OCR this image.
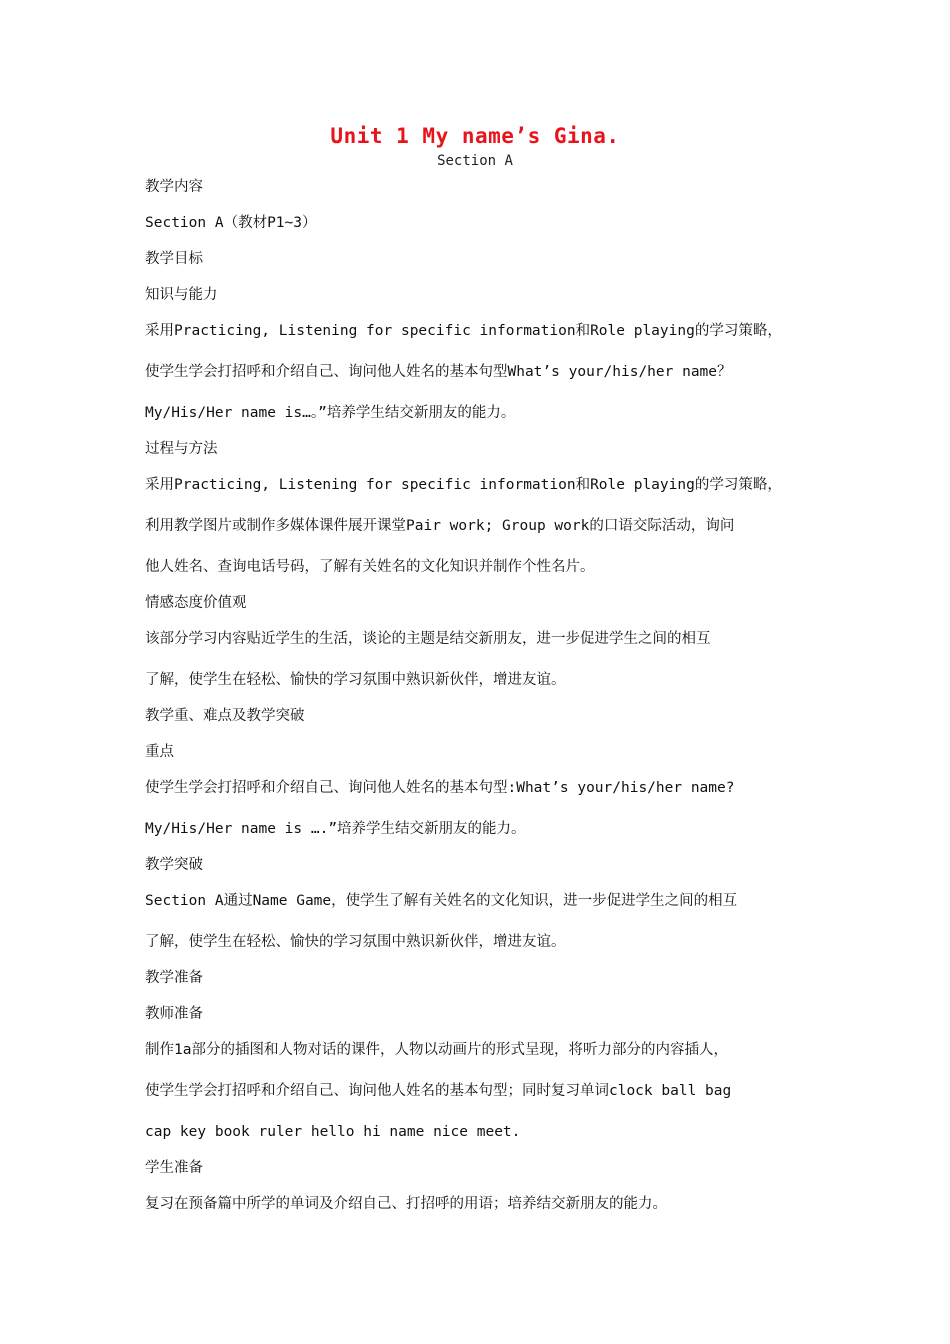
Unit 1 My name’s Gina.
Section A
教学内容
Section A（教材P1~3）
教学目标
知识与能力
采用Practicing, Listening for specific information和Role playing的学习策略，
使学生学会打招呼和介绍自己、询问他人姓名的基本句型What’s your/his/her name？
My/His/Her name is…。”培养学生结交新朋友的能力。
过程与方法
采用Practicing, Listening for specific information和Role playing的学习策略，
利用教学图片或制作多媒体课件展开课堂Pair work; Group work的口语交际活动，询问
他人姓名、查询电话号码，了解有关姓名的文化知识并制作个性名片。
情感态度价值观
该部分学习内容贴近学生的生活，谈论的主题是结交新朋友，进一步促进学生之间的相互
了解，使学生在轻松、愉快的学习氛围中熟识新伙伴，增进友谊。
教学重、难点及教学突破
重点
使学生学会打招呼和介绍自己、询问他人姓名的基本句型:What’s your/his/her name?
My/His/Her name is ….”培养学生结交新朋友的能力。
教学突破
Section A通过Name Game，使学生了解有关姓名的文化知识，进一步促进学生之间的相互
了解，使学生在轻松、愉快的学习氛围中熟识新伙伴，增进友谊。
教学准备
教师准备
制作1a部分的插图和人物对话的课件，人物以动画片的形式呈现，将听力部分的内容插人，
使学生学会打招呼和介绍自己、询问他人姓名的基本句型；同时复习单词clock ball bag
cap key book ruler hello hi name nice meet.
学生准备
复习在预备篇中所学的单词及介绍自己、打招呼的用语；培养结交新朋友的能力。
